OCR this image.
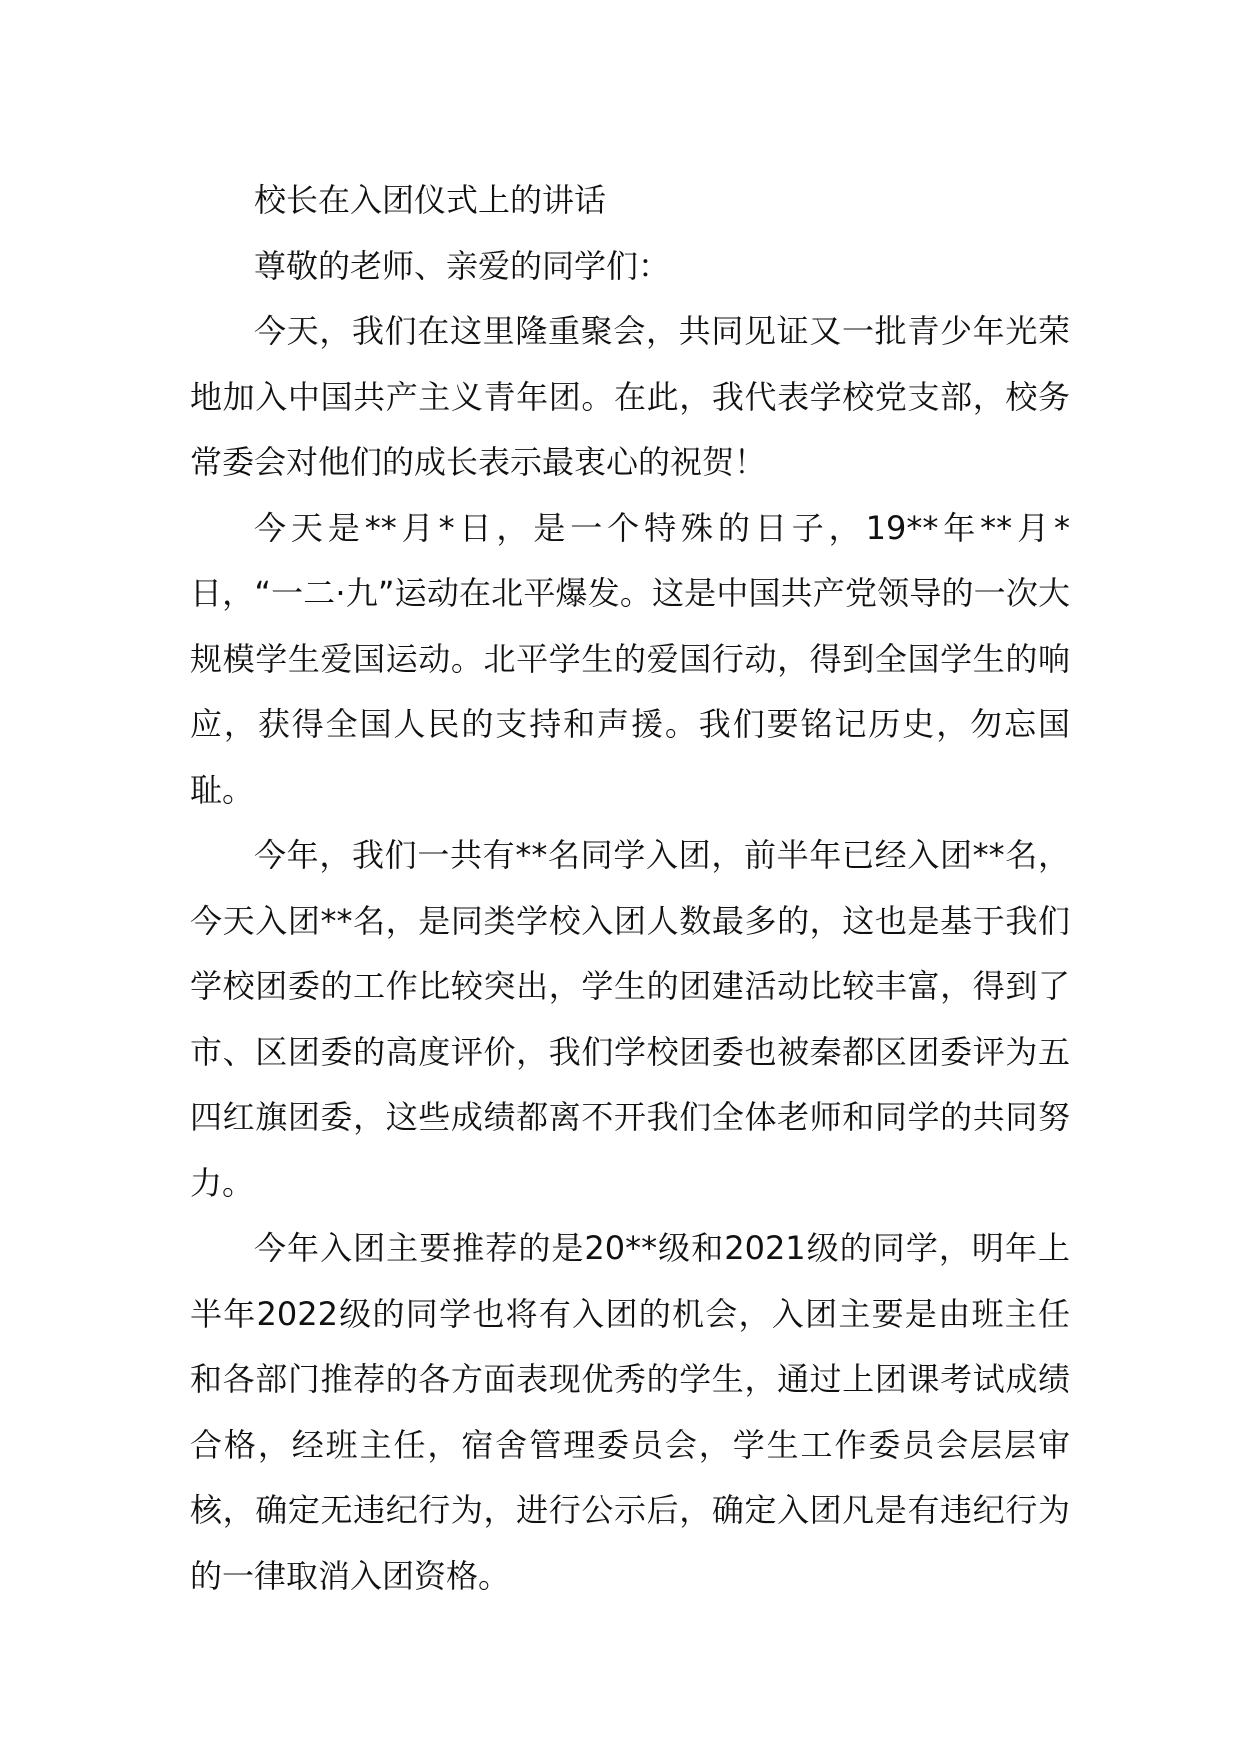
校长在入团仪式上的讲话

尊敬的老师、亲爱的同学们：

今天，我们在这里隆重聚会，共同见证又一批青少年光荣地加入中国共产主义青年团。在此，我代表学校党支部，校务常委会对他们的成长表示最衷心的祝贺！

今天是**月*日，是一个特殊的日子，19**年**月*日，“一二·九”运动在北平爆发。这是中国共产党领导的一次大规模学生爱国运动。北平学生的爱国行动，得到全国学生的响应，获得全国人民的支持和声援。我们要铭记历史，勿忘国耻。

今年，我们一共有**名同学入团，前半年已经入团**名，今天入团**名，是同类学校入团人数最多的，这也是基于我们学校团委的工作比较突出，学生的团建活动比较丰富，得到了市、区团委的高度评价，我们学校团委也被秦都区团委评为五四红旗团委，这些成绩都离不开我们全体老师和同学的共同努力。

今年入团主要推荐的是20**级和2021级的同学，明年上半年2022级的同学也将有入团的机会，入团主要是由班主任和各部门推荐的各方面表现优秀的学生，通过上团课考试成绩合格，经班主任，宿舍管理委员会，学生工作委员会层层审核，确定无违纪行为，进行公示后，确定入团凡是有违纪行为的一律取消入团资格。
